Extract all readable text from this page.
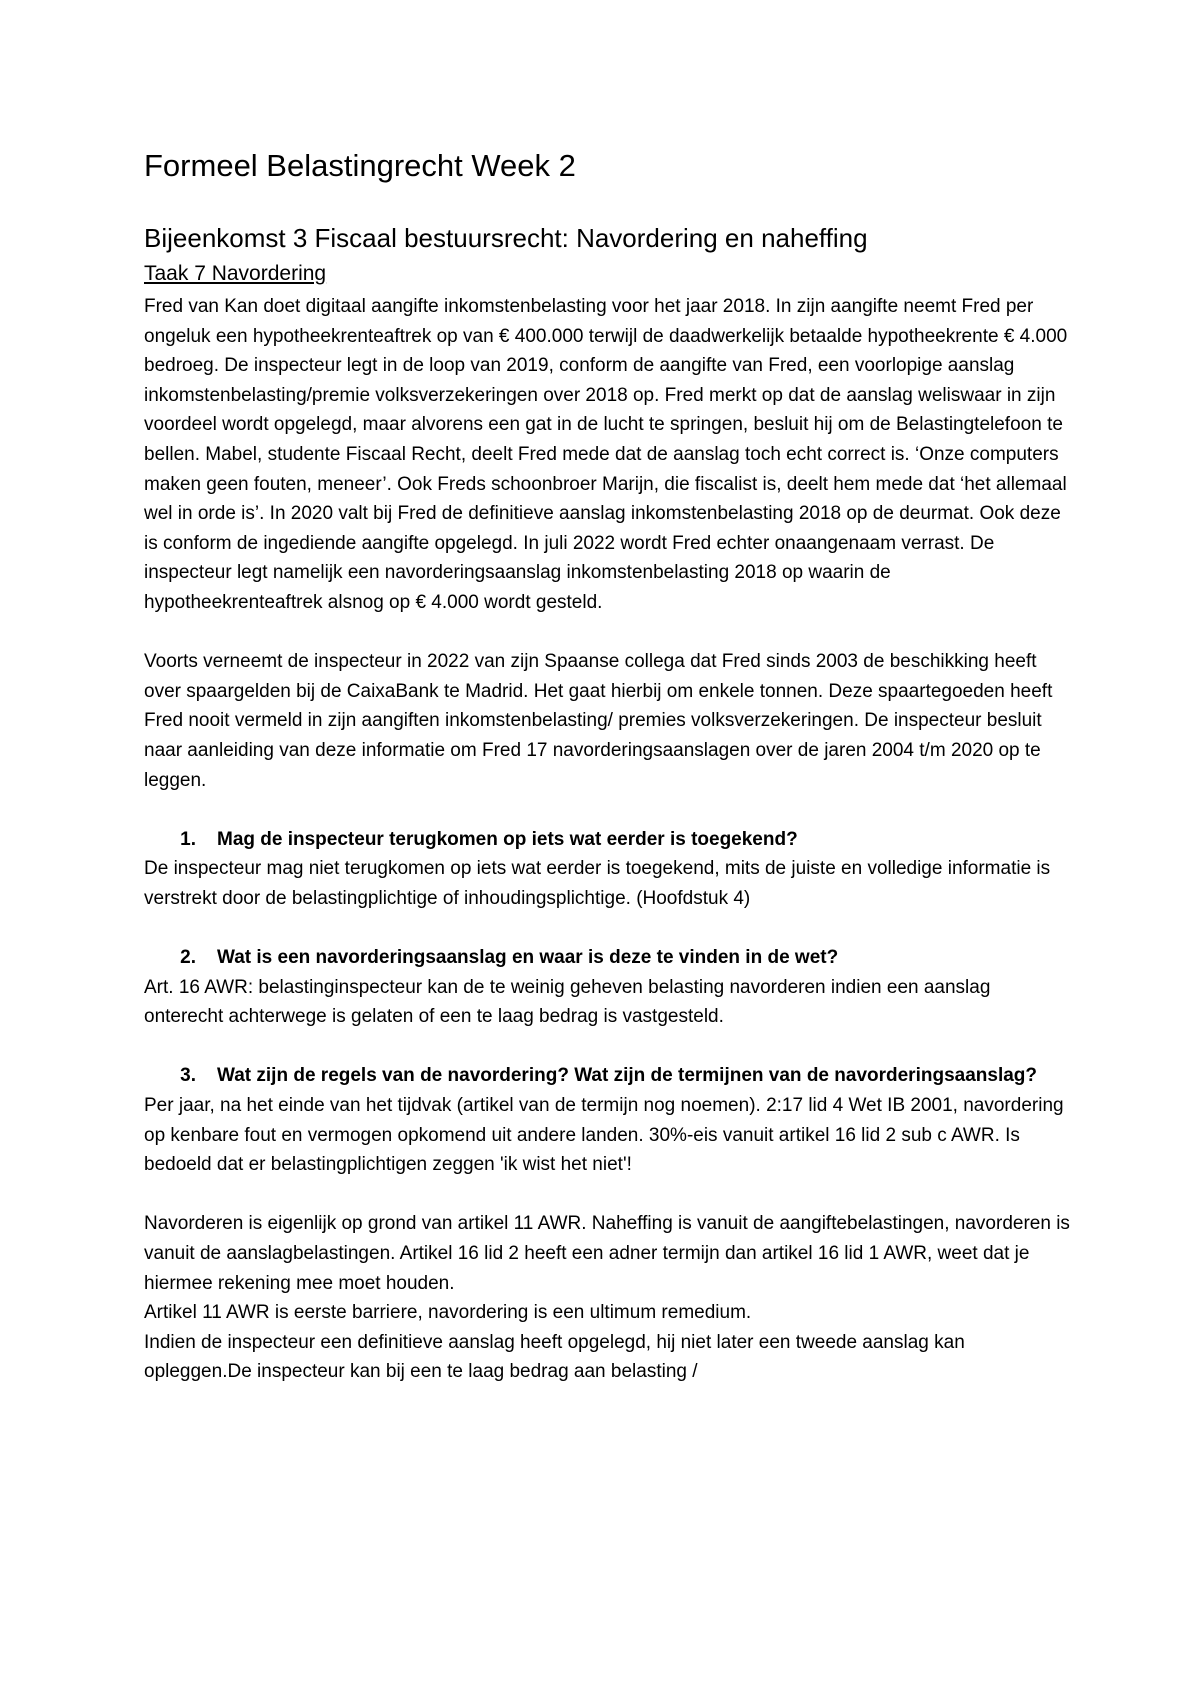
Formeel Belastingrecht Week 2
Bijeenkomst 3 Fiscaal bestuursrecht: Navordering en naheffing
Taak 7 Navordering

Fred van Kan doet digitaal aangifte inkomstenbelasting voor het jaar 2018. In zijn aangifte neemt Fred per ongeluk een hypotheekrenteaftrek op van € 400.000 terwijl de daadwerkelijk betaalde hypotheekrente € 4.000 bedroeg. De inspecteur legt in de loop van 2019, conform de aangifte van Fred, een voorlopige aanslag inkomstenbelasting/premie volksverzekeringen over 2018 op. Fred merkt op dat de aanslag weliswaar in zijn voordeel wordt opgelegd, maar alvorens een gat in de lucht te springen, besluit hij om de Belastingtelefoon te bellen. Mabel, studente Fiscaal Recht, deelt Fred mede dat de aanslag toch echt correct is. ‘Onze computers maken geen fouten, meneer’. Ook Freds schoonbroer Marijn, die fiscalist is, deelt hem mede dat ‘het allemaal wel in orde is’. In 2020 valt bij Fred de definitieve aanslag inkomstenbelasting 2018 op de deurmat. Ook deze is conform de ingediende aangifte opgelegd. In juli 2022 wordt Fred echter onaangenaam verrast. De inspecteur legt namelijk een navorderingsaanslag inkomstenbelasting 2018 op waarin de hypotheekrenteaftrek alsnog op € 4.000 wordt gesteld.

Voorts verneemt de inspecteur in 2022 van zijn Spaanse collega dat Fred sinds 2003 de beschikking heeft over spaargelden bij de CaixaBank te Madrid. Het gaat hierbij om enkele tonnen. Deze spaartegoeden heeft Fred nooit vermeld in zijn aangiften inkomstenbelasting/ premies volksverzekeringen. De inspecteur besluit naar aanleiding van deze informatie om Fred 17 navorderingsaanslagen over de jaren 2004 t/m 2020 op te leggen.

1.	Mag de inspecteur terugkomen op iets wat eerder is toegekend?

De inspecteur mag niet terugkomen op iets wat eerder is toegekend, mits de juiste en volledige informatie is verstrekt door de belastingplichtige of inhoudingsplichtige. (Hoofdstuk 4)

2.	Wat is een navorderingsaanslag en waar is deze te vinden in de wet?

Art. 16 AWR: belastinginspecteur kan de te weinig geheven belasting navorderen indien een aanslag onterecht achterwege is gelaten of een te laag bedrag is vastgesteld.

3.	Wat zijn de regels van de navordering? Wat zijn de termijnen van de navorderingsaanslag?

Per jaar, na het einde van het tijdvak (artikel van de termijn nog noemen). 2:17 lid 4 Wet IB 2001, navordering op kenbare fout en vermogen opkomend uit andere landen. 30%-eis vanuit artikel 16 lid 2 sub c AWR. Is bedoeld dat er belastingplichtigen zeggen 'ik wist het niet'!

Navorderen is eigenlijk op grond van artikel 11 AWR. Naheffing is vanuit de aangiftebelastingen, navorderen is vanuit de aanslagbelastingen. Artikel 16 lid 2 heeft een adner termijn dan artikel 16 lid 1 AWR, weet dat je hiermee rekening mee moet houden.

Artikel 11 AWR is eerste barriere, navordering is een ultimum remedium.

Indien de inspecteur een definitieve aanslag heeft opgelegd, hij niet later een tweede aanslag kan opleggen.De inspecteur kan bij een te laag bedrag aan belasting /
